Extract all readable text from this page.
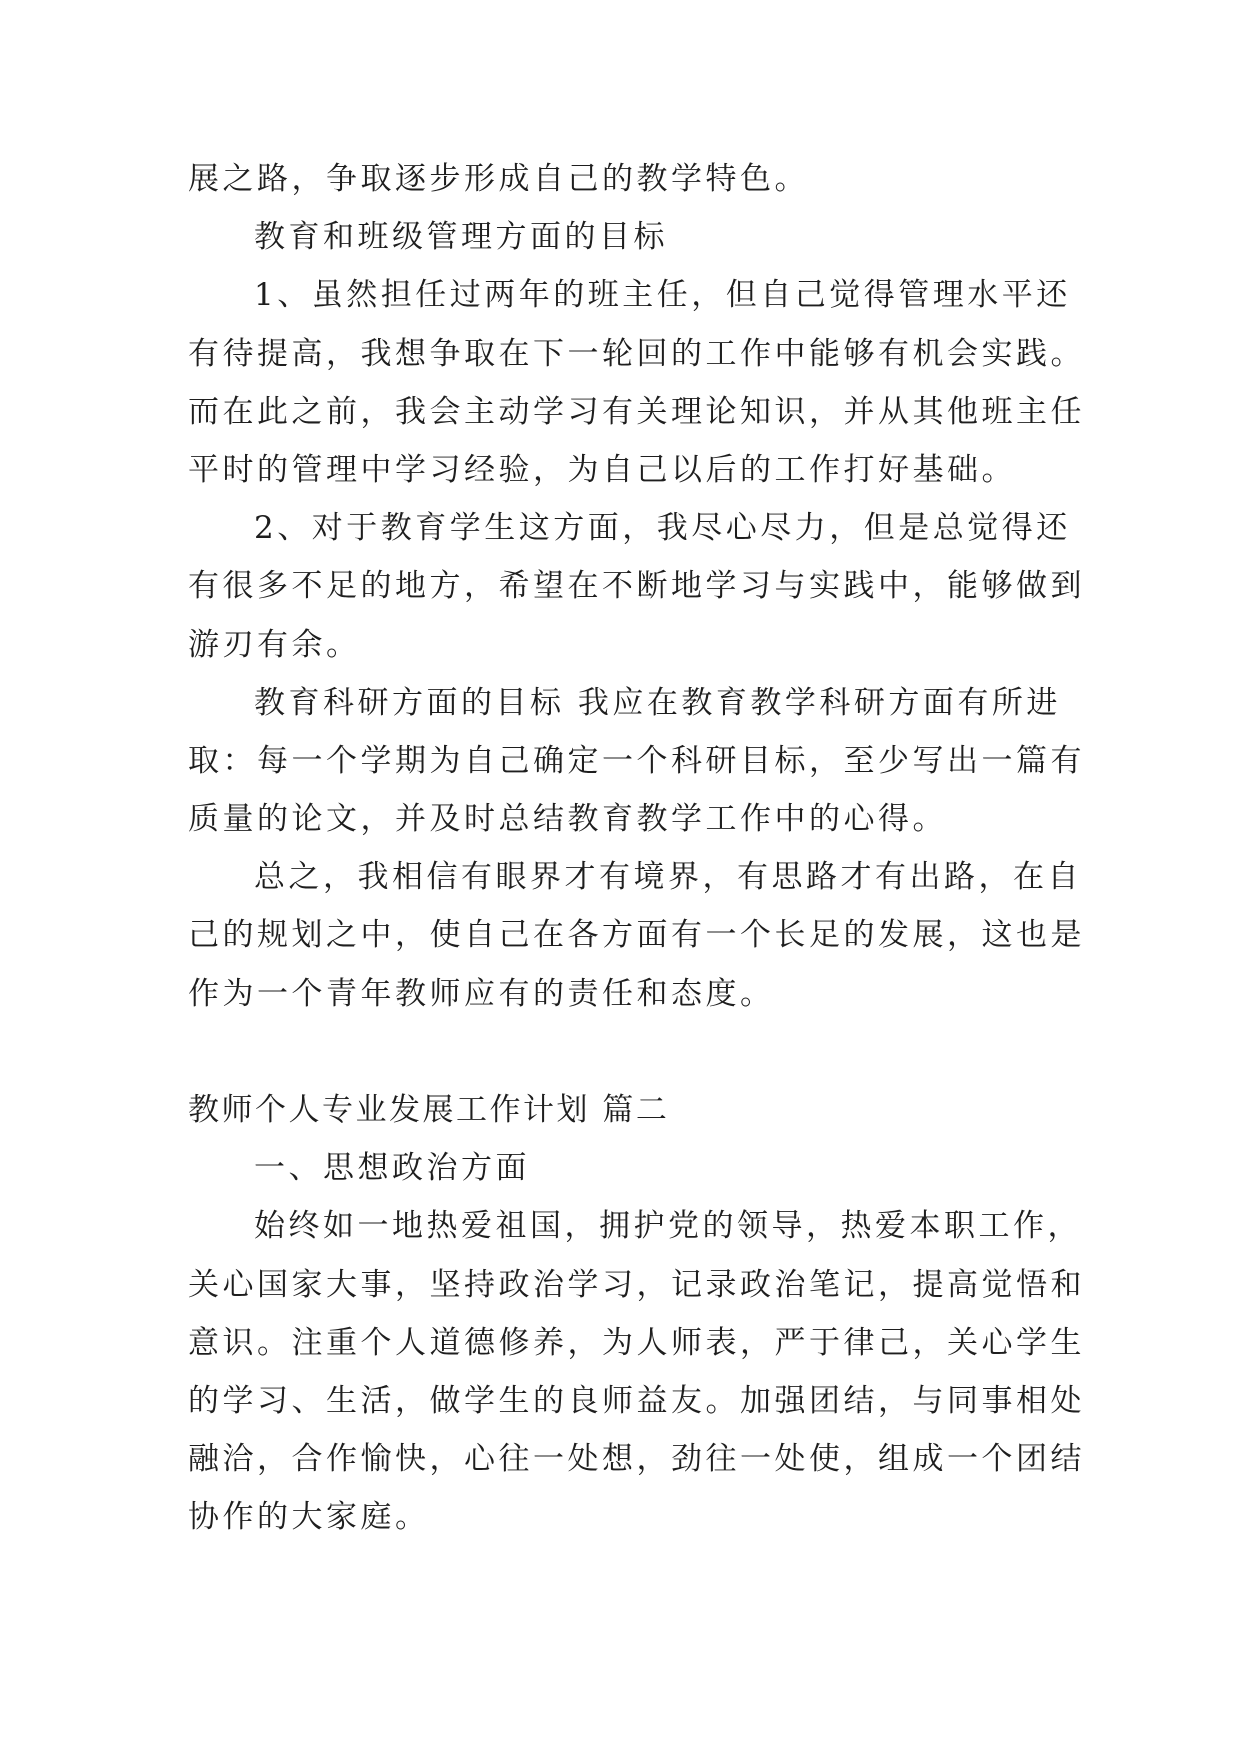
展之路，争取逐步形成自己的教学特色。
教育和班级管理方面的目标
1、虽然担任过两年的班主任，但自己觉得管理水平还
有待提高，我想争取在下一轮回的工作中能够有机会实践。
而在此之前，我会主动学习有关理论知识，并从其他班主任
平时的管理中学习经验，为自己以后的工作打好基础。
2、对于教育学生这方面，我尽心尽力，但是总觉得还
有很多不足的地方，希望在不断地学习与实践中，能够做到
游刃有余。
教育科研方面的目标 我应在教育教学科研方面有所进
取：每一个学期为自己确定一个科研目标，至少写出一篇有
质量的论文，并及时总结教育教学工作中的心得。
总之，我相信有眼界才有境界，有思路才有出路，在自
己的规划之中，使自己在各方面有一个长足的发展，这也是
作为一个青年教师应有的责任和态度。
教师个人专业发展工作计划 篇二
一、思想政治方面
始终如一地热爱祖国，拥护党的领导，热爱本职工作，
关心国家大事，坚持政治学习，记录政治笔记，提高觉悟和
意识。注重个人道德修养，为人师表，严于律己，关心学生
的学习、生活，做学生的良师益友。加强团结，与同事相处
融洽，合作愉快，心往一处想，劲往一处使，组成一个团结
协作的大家庭。
